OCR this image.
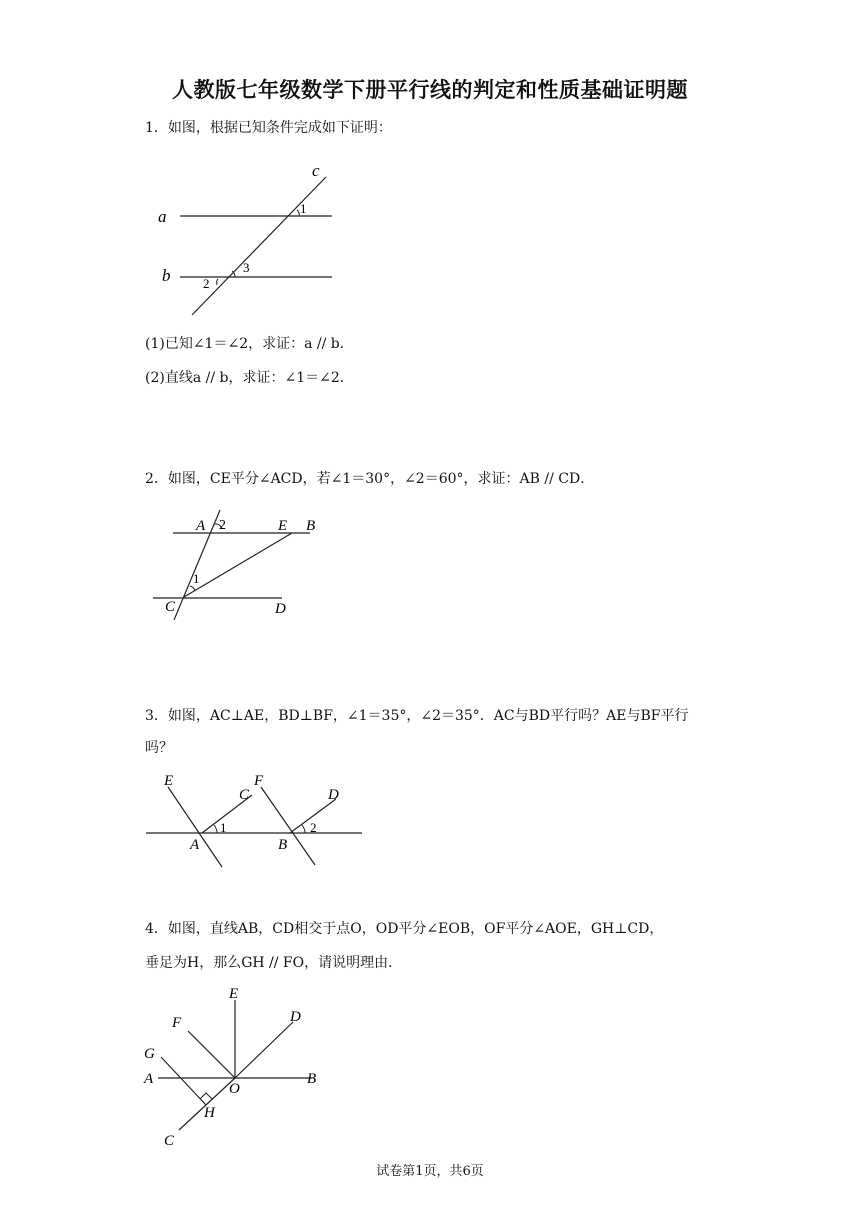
人教版七年级数学下册平行线的判定和性质基础证明题
1．如图，根据已知条件完成如下证明：
c
a
b
1
3
2
(1)已知∠1＝∠2，求证：a // b．
(2)直线a // b，求证：∠1＝∠2．
2．如图，CE平分∠ACD，若∠1＝30°，∠2＝60°，求证：AB // CD．
A 2	E B
1
C	D
3．如图，AC⊥AE，BD⊥BF，∠1＝35°，∠2＝35°．AC与BD平行吗？AE与BF平行
吗？
E
C
F
D
1	2
A	B
4．如图，直线AB，CD相交于点O，OD平分∠EOB，OF平分∠AOE，GH⊥CD，
垂足为H，那么GH // FO，请说明理由．
E
F	D
G
A
O
B
H
C
试卷第1页，共6页
